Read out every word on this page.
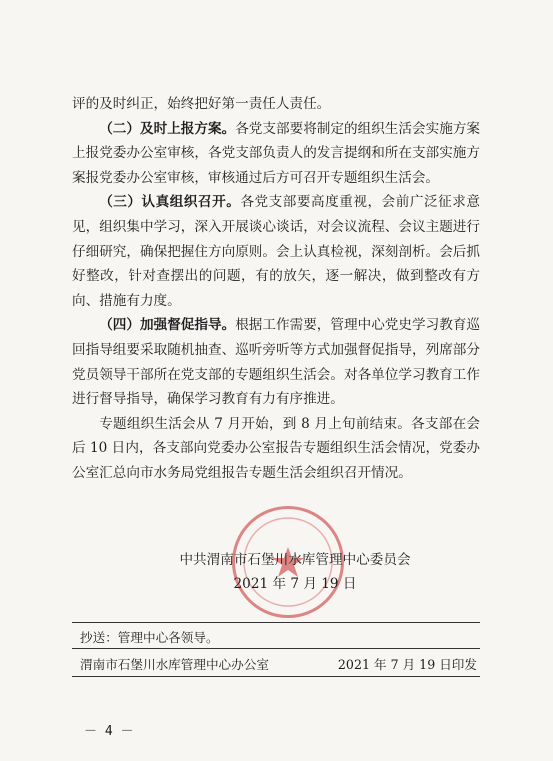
评的及时纠正，始终把好第一责任人责任。

（二）及时上报方案。各党支部要将制定的组织生活会实施方案上报党委办公室审核，各党支部负责人的发言提纲和所在支部实施方案报党委办公室审核，审核通过后方可召开专题组织生活会。

（三）认真组织召开。各党支部要高度重视，会前广泛征求意见，组织集中学习，深入开展谈心谈话，对会议流程、会议主题进行仔细研究，确保把握住方向原则。会上认真检视，深刻剖析。会后抓好整改，针对查摆出的问题，有的放矢，逐一解决，做到整改有方向、措施有力度。

（四）加强督促指导。根据工作需要，管理中心党史学习教育巡回指导组要采取随机抽查、巡听旁听等方式加强督促指导，列席部分党员领导干部所在党支部的专题组织生活会。对各单位学习教育工作进行督导指导，确保学习教育有力有序推进。

专题组织生活会从 7 月开始，到 8 月上旬前结束。各支部在会后 10 日内，各支部向党委办公室报告专题组织生活会情况，党委办公室汇总向市水务局党组报告专题生活会组织召开情况。

中共渭南市石堡川水库管理中心委员会
2021 年 7 月 19 日
抄送：管理中心各领导。
渭南市石堡川水库管理中心办公室	2021 年 7 月 19 日印发
－ 4 －
